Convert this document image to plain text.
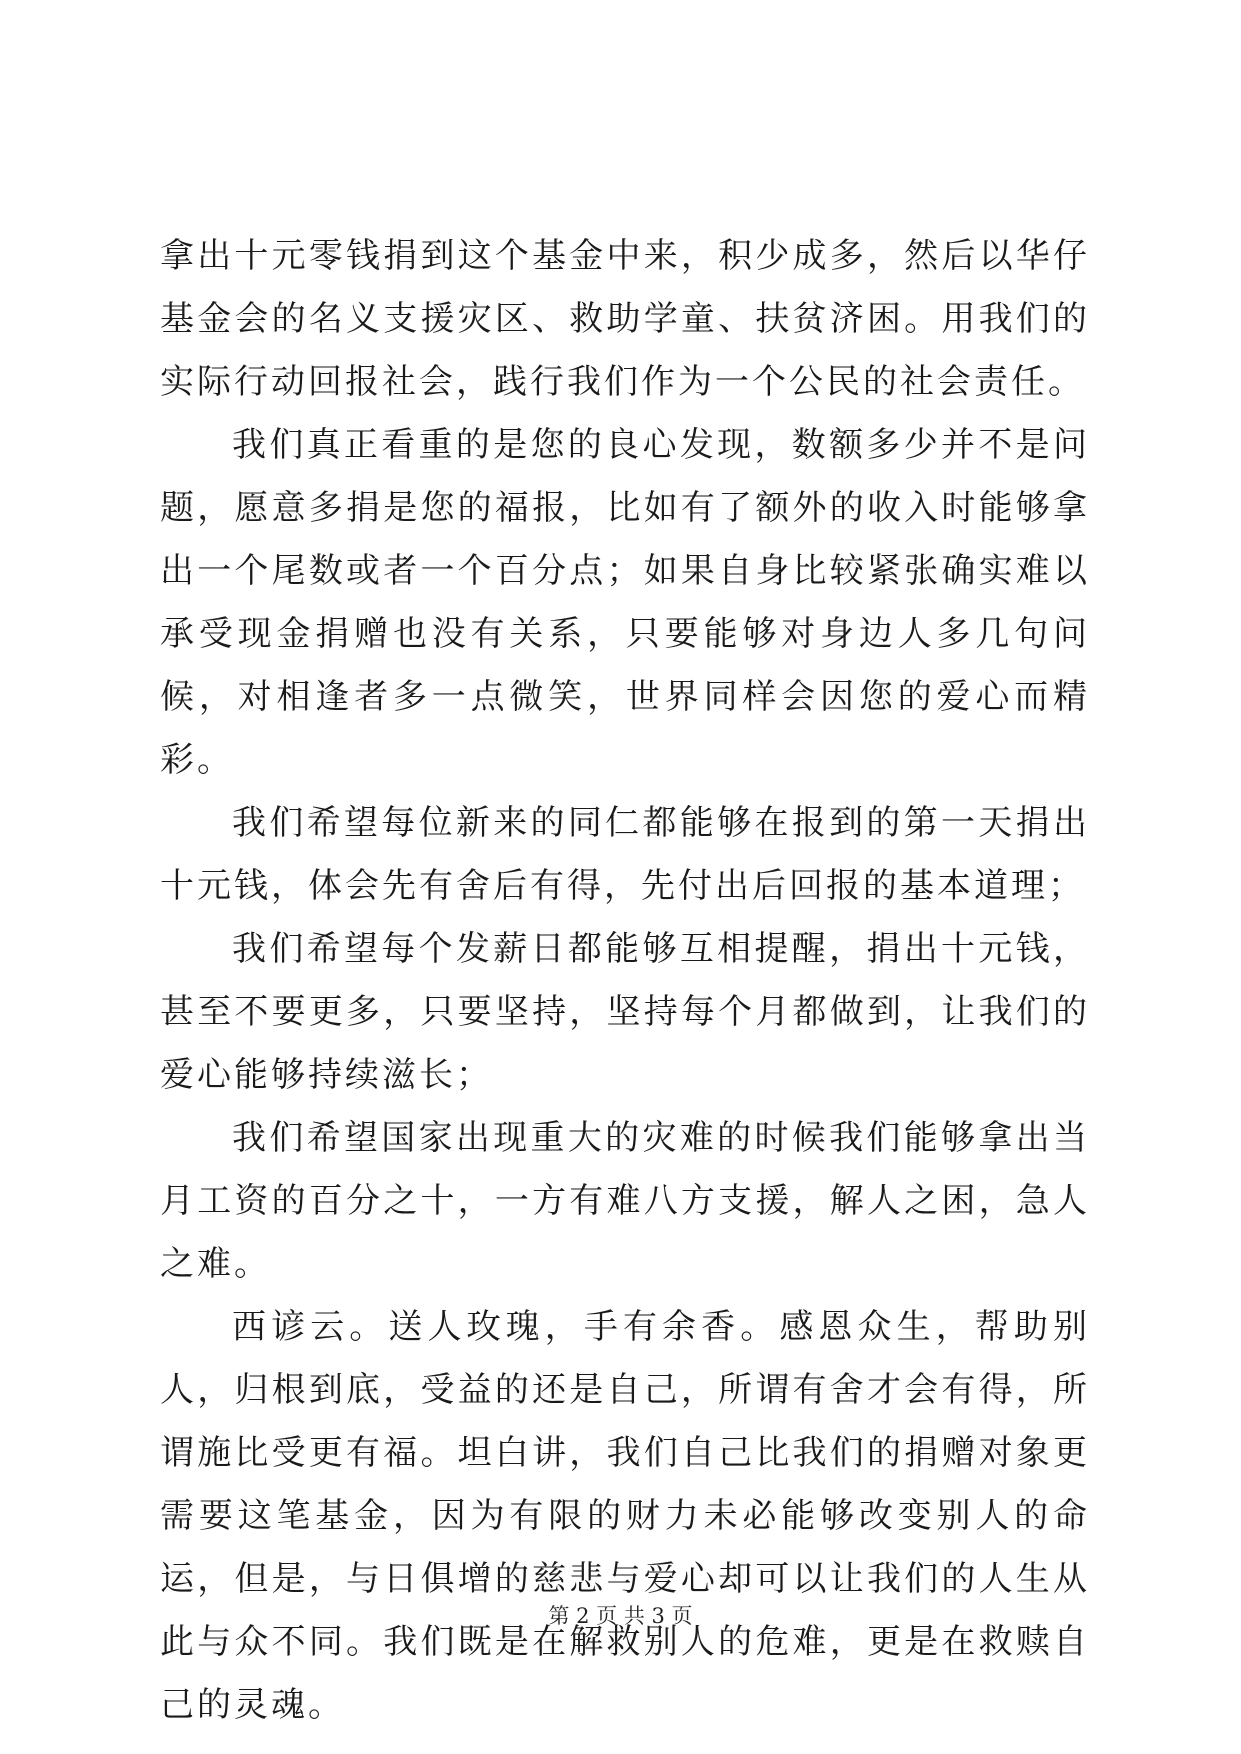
拿出十元零钱捐到这个基金中来，积少成多，然后以华仔基金会的名义支援灾区、救助学童、扶贫济困。用我们的实际行动回报社会，践行我们作为一个公民的社会责任。

我们真正看重的是您的良心发现，数额多少并不是问题，愿意多捐是您的福报，比如有了额外的收入时能够拿出一个尾数或者一个百分点；如果自身比较紧张确实难以承受现金捐赠也没有关系，只要能够对身边人多几句问候，对相逢者多一点微笑，世界同样会因您的爱心而精彩。

我们希望每位新来的同仁都能够在报到的第一天捐出十元钱，体会先有舍后有得，先付出后回报的基本道理；

我们希望每个发薪日都能够互相提醒，捐出十元钱，甚至不要更多，只要坚持，坚持每个月都做到，让我们的爱心能够持续滋长；

我们希望国家出现重大的灾难的时候我们能够拿出当月工资的百分之十，一方有难八方支援，解人之困，急人之难。

西谚云。送人玫瑰，手有余香。感恩众生，帮助别人，归根到底，受益的还是自己，所谓有舍才会有得，所谓施比受更有福。坦白讲，我们自己比我们的捐赠对象更需要这笔基金，因为有限的财力未必能够改变别人的命运，但是，与日俱增的慈悲与爱心却可以让我们的人生从此与众不同。我们既是在解救别人的危难，更是在救赎自己的灵魂。

第 2 页 共 3 页
